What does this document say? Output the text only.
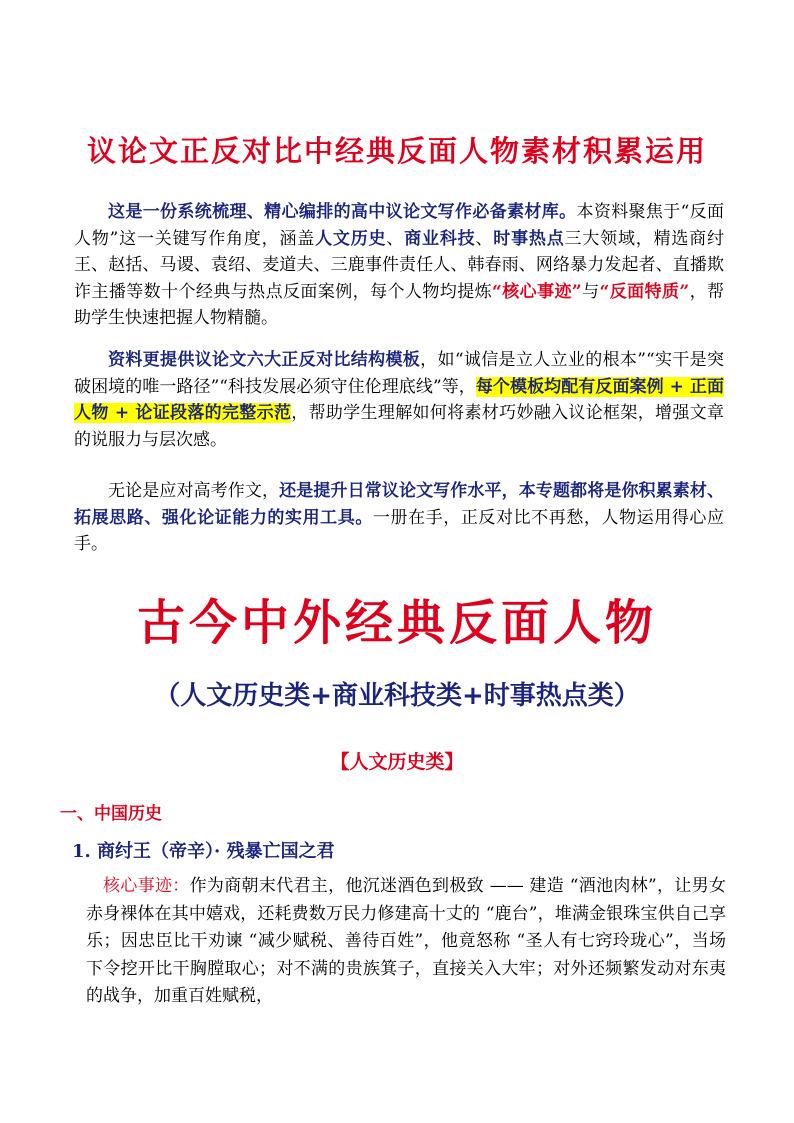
议论文正反对比中经典反面人物素材积累运用

这是一份系统梳理、精心编排的高中议论文写作必备素材库。本资料聚焦于“反面人物”这一关键写作角度，涵盖人文历史、商业科技、时事热点三大领域，精选商纣王、赵括、马谡、袁绍、麦道夫、三鹿事件责任人、韩春雨、网络暴力发起者、直播欺诈主播等数十个经典与热点反面案例，每个人物均提炼“核心事迹”与“反面特质”，帮助学生快速把握人物精髓。

资料更提供议论文六大正反对比结构模板，如“诚信是立人立业的根本”“实干是突破困境的唯一路径”“科技发展必须守住伦理底线”等，每个模板均配有反面案例 + 正面人物 + 论证段落的完整示范，帮助学生理解如何将素材巧妙融入议论框架，增强文章的说服力与层次感。

无论是应对高考作文，还是提升日常议论文写作水平，本专题都将是你积累素材、拓展思路、强化论证能力的实用工具。一册在手，正反对比不再愁，人物运用得心应手。

古今中外经典反面人物
（人文历史类+商业科技类+时事热点类）
【人文历史类】
一、中国历史
1. 商纣王（帝辛）· 残暴亡国之君

核心事迹：作为商朝末代君主，他沉迷酒色到极致 —— 建造 “酒池肉林”，让男女赤身裸体在其中嬉戏，还耗费数万民力修建高十丈的 “鹿台”，堆满金银珠宝供自己享乐；因忠臣比干劝谏 “减少赋税、善待百姓”，他竟怒称 “圣人有七窍玲珑心”，当场下令挖开比干胸膛取心；对不满的贵族箕子，直接关入大牢；对外还频繁发动对东夷的战争，加重百姓赋税，
